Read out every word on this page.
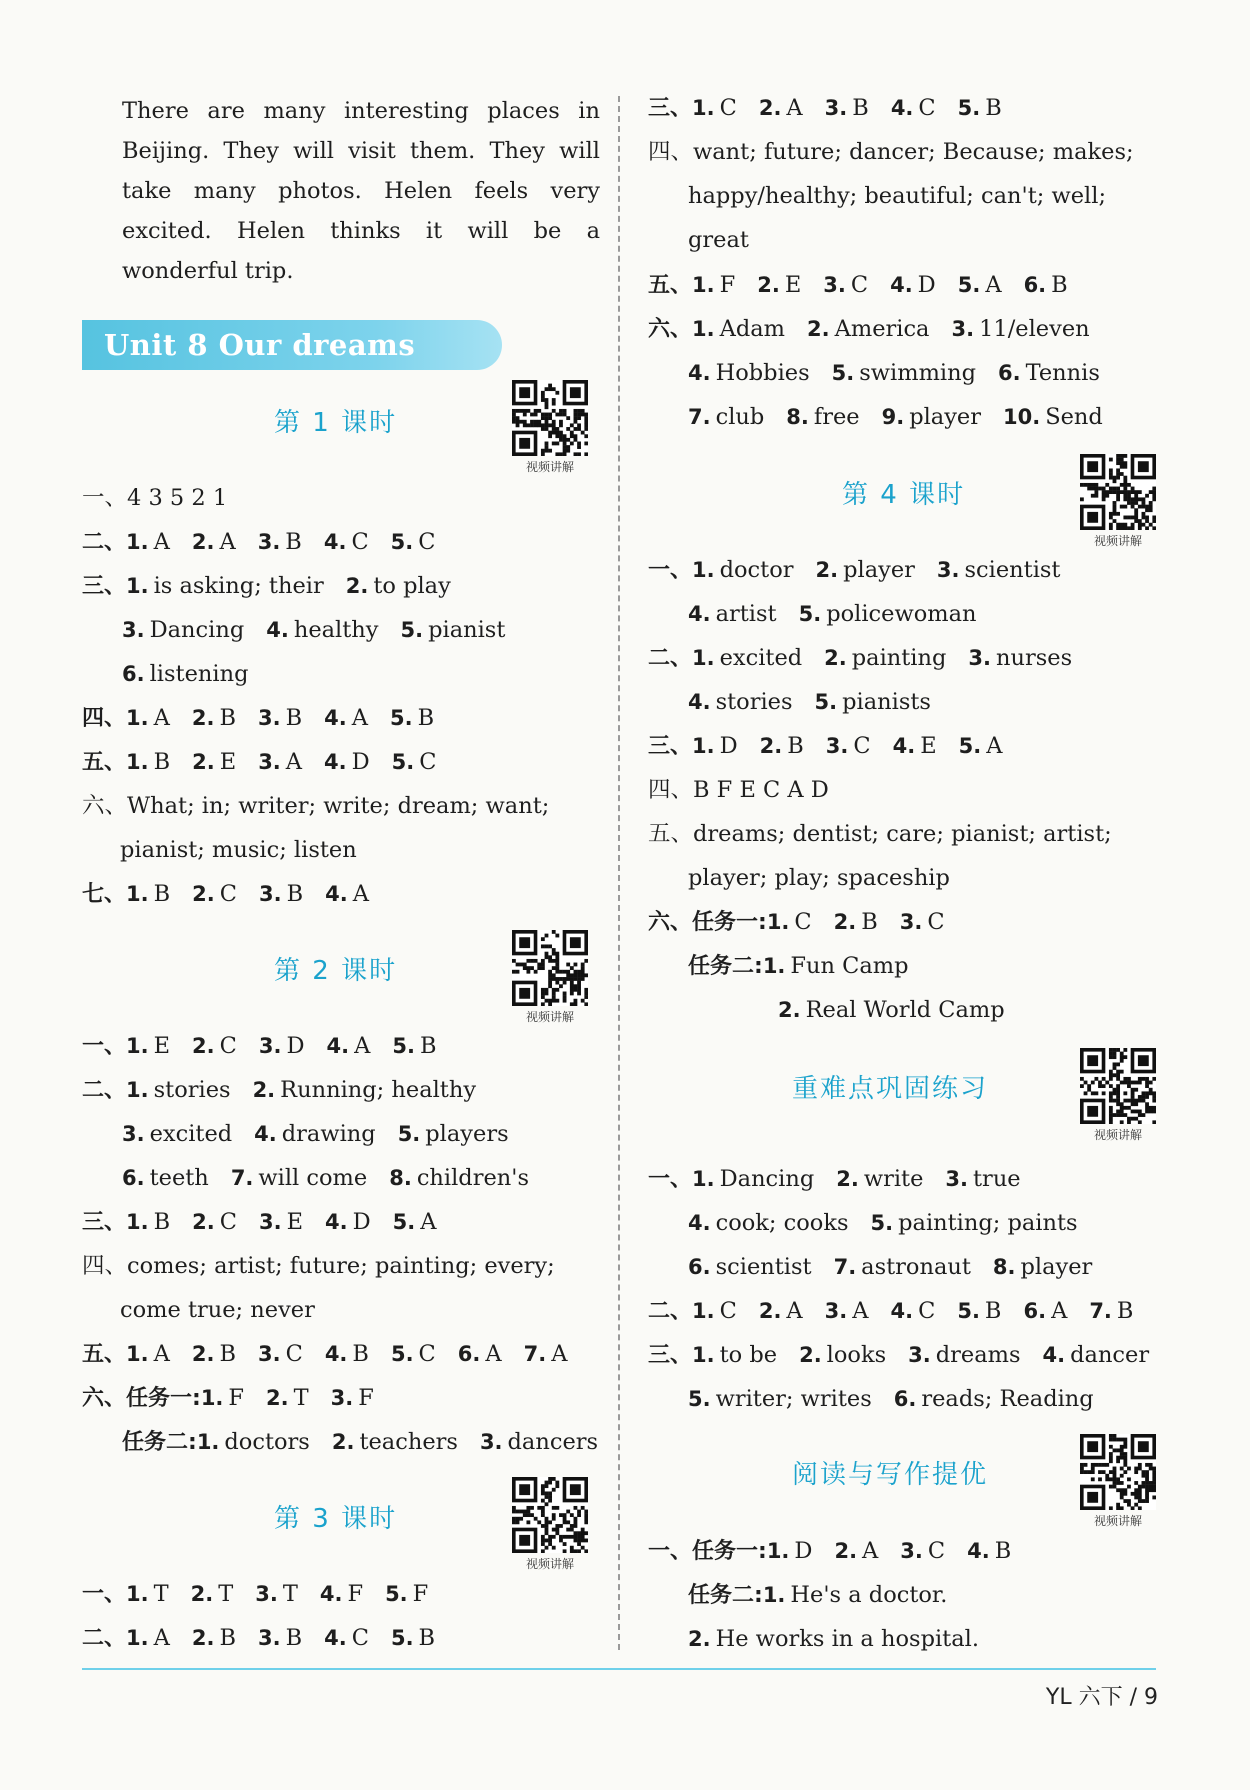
There are many interesting places in
Beijing. They will visit them. They will
take many photos. Helen feels very
excited. Helen thinks it will be a
wonderful trip.
Unit 8 Our dreams
第 1 课时
视频讲解
一、4 3 5 2 1
二、1. A 2. A 3. B 4. C 5. C
三、1. is asking; their 2. to play
3. Dancing 4. healthy 5. pianist
6. listening
四、1. A 2. B 3. B 4. A 5. B
五、1. B 2. E 3. A 4. D 5. C
六、What; in; writer; write; dream; want;
pianist; music; listen
七、1. B 2. C 3. B 4. A
第 2 课时
视频讲解
一、1. E 2. C 3. D 4. A 5. B
二、1. stories 2. Running; healthy
3. excited 4. drawing 5. players
6. teeth 7. will come 8. children's
三、1. B 2. C 3. E 4. D 5. A
四、comes; artist; future; painting; every;
come true; never
五、1. A 2. B 3. C 4. B 5. C 6. A 7. A
六、任务一:1. F 2. T 3. F
任务二:1. doctors 2. teachers 3. dancers
第 3 课时
视频讲解
一、1. T 2. T 3. T 4. F 5. F
二、1. A 2. B 3. B 4. C 5. B
三、1. C 2. A 3. B 4. C 5. B
四、want; future; dancer; Because; makes;
happy/healthy; beautiful; can't; well;
great
五、1. F 2. E 3. C 4. D 5. A 6. B
六、1. Adam 2. America 3. 11/eleven
4. Hobbies 5. swimming 6. Tennis
7. club 8. free 9. player 10. Send
第 4 课时
视频讲解
一、1. doctor 2. player 3. scientist
4. artist 5. policewoman
二、1. excited 2. painting 3. nurses
4. stories 5. pianists
三、1. D 2. B 3. C 4. E 5. A
四、B F E C A D
五、dreams; dentist; care; pianist; artist;
player; play; spaceship
六、任务一:1. C 2. B 3. C
任务二:1. Fun Camp
2. Real World Camp
重难点巩固练习
视频讲解
一、1. Dancing 2. write 3. true
4. cook; cooks 5. painting; paints
6. scientist 7. astronaut 8. player
二、1. C 2. A 3. A 4. C 5. B 6. A 7. B
三、1. to be 2. looks 3. dreams 4. dancer
5. writer; writes 6. reads; Reading
阅读与写作提优
视频讲解
一、任务一:1. D 2. A 3. C 4. B
任务二:1. He's a doctor.
2. He works in a hospital.
YL 六下 / 9
